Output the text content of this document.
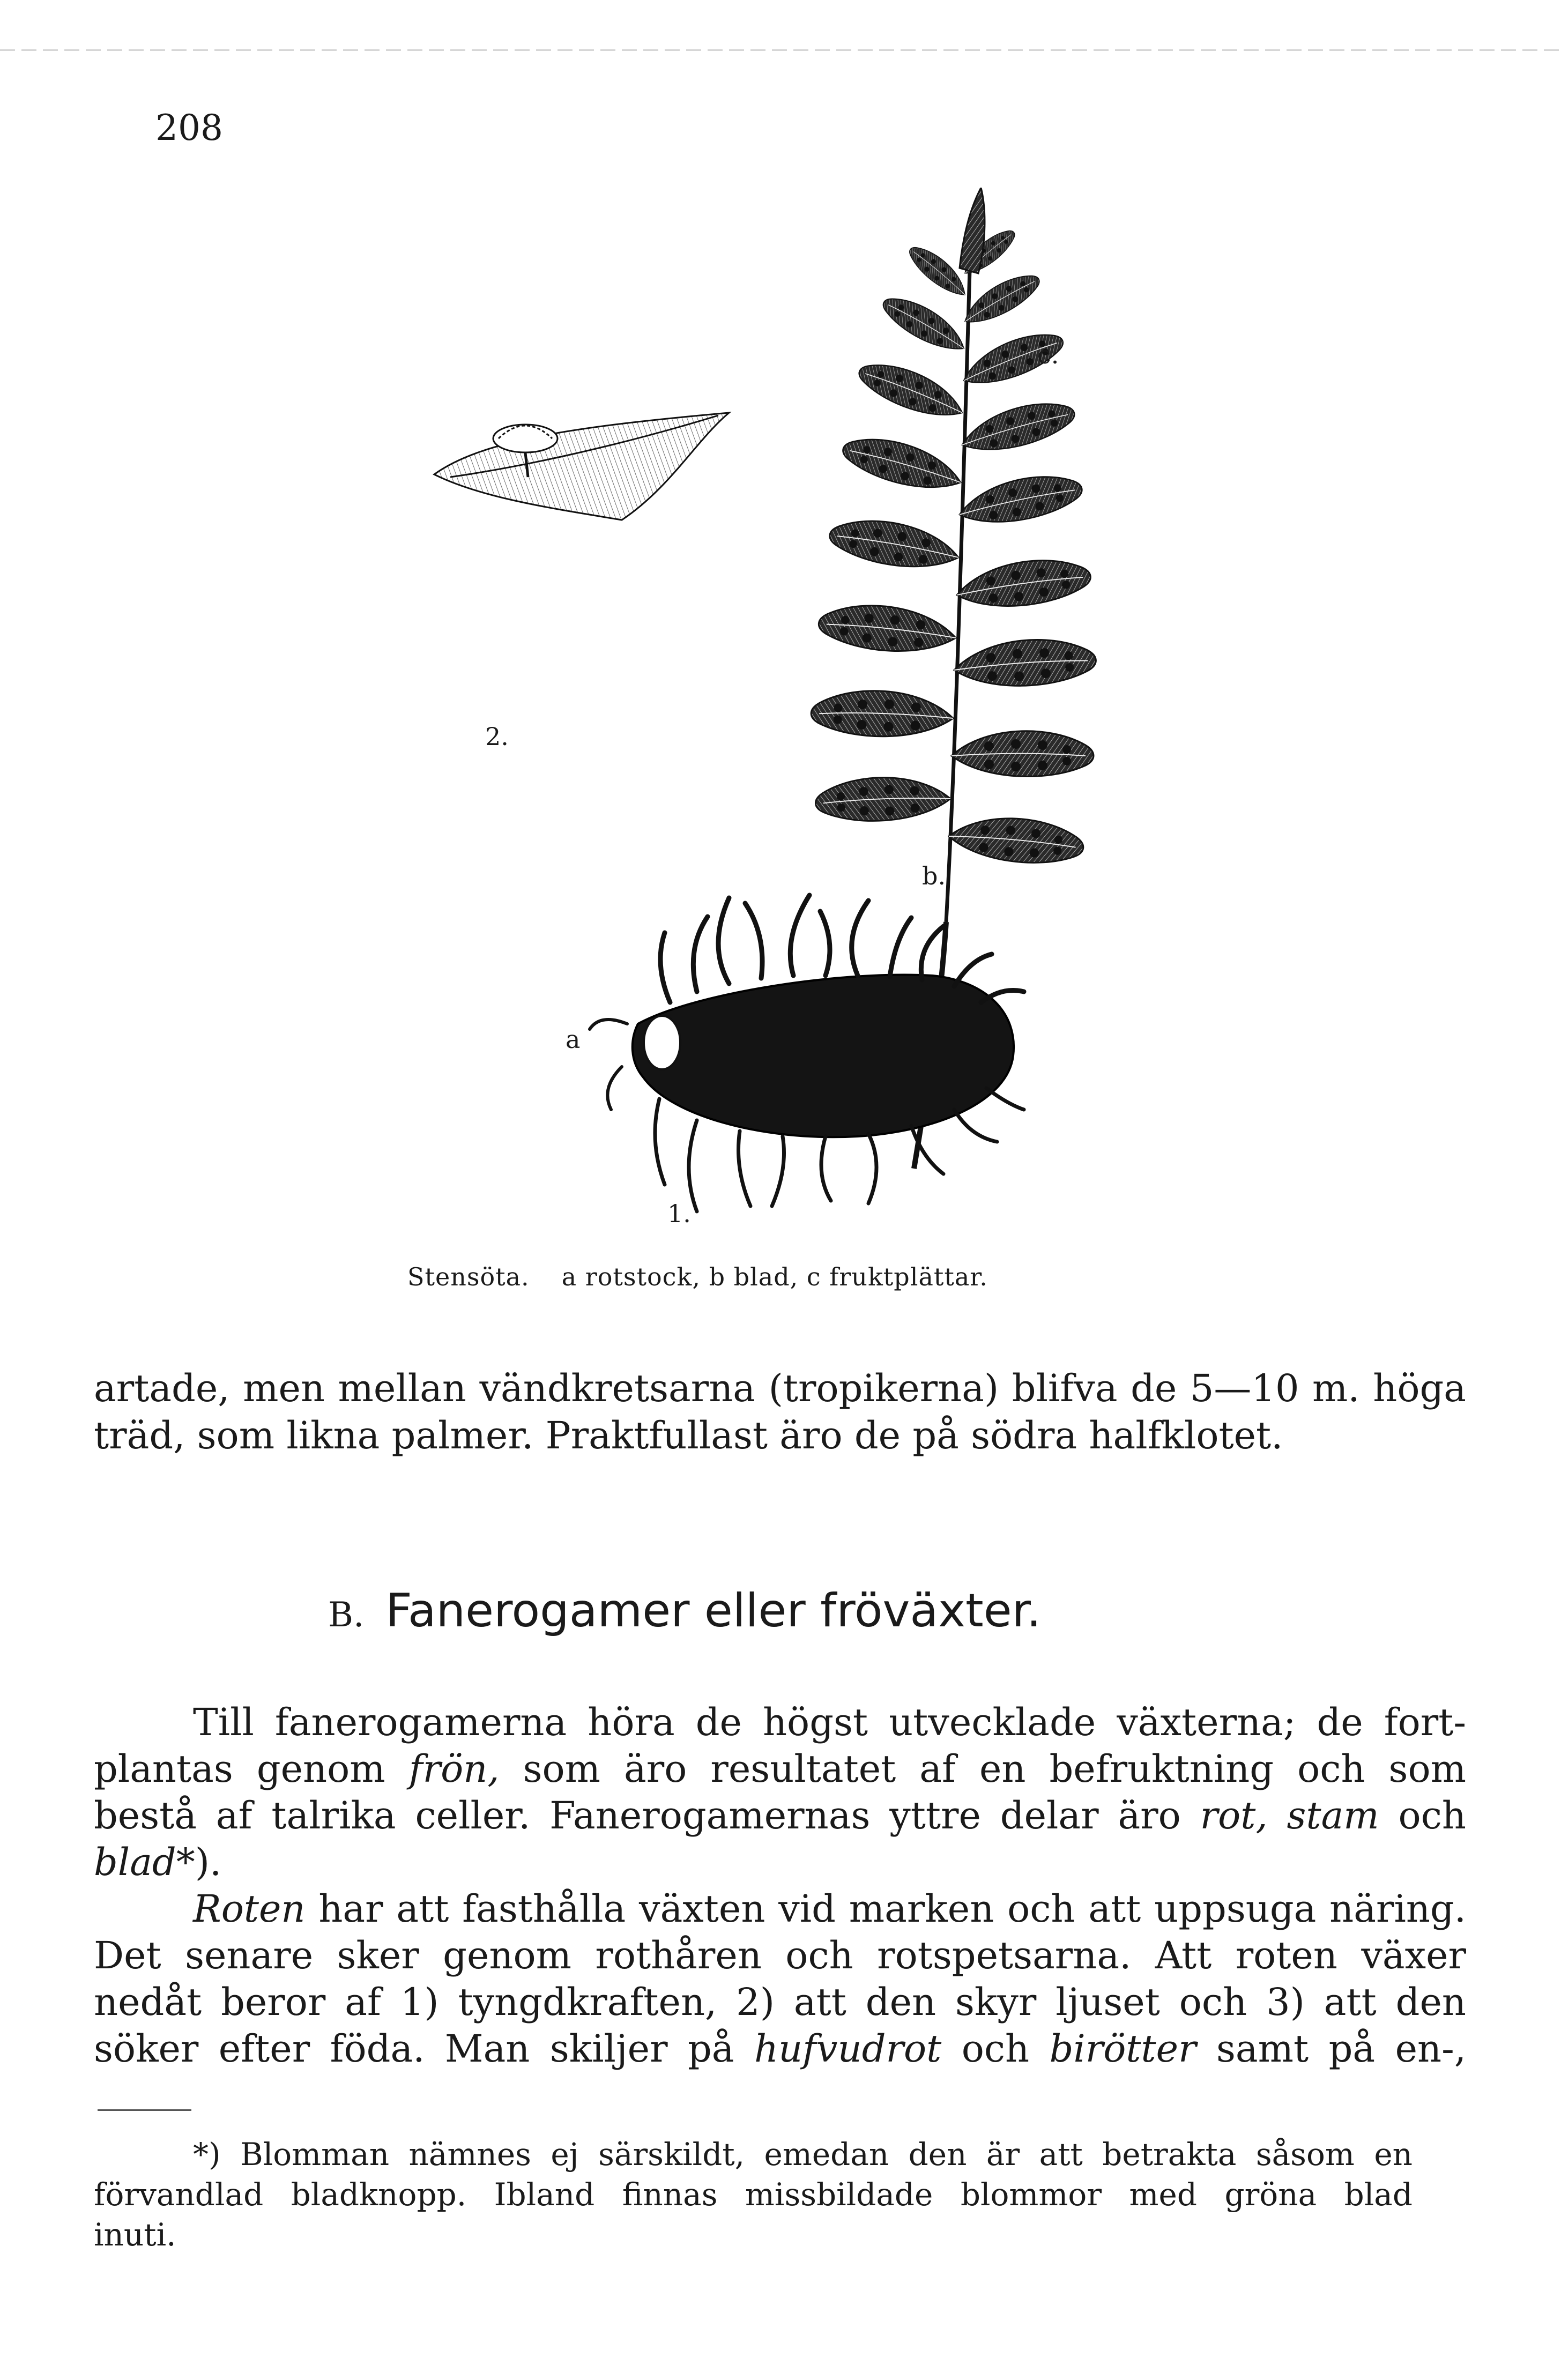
208
c.
2.
b.
a
1.
Stensöta. a rotstock, b blad, c fruktplättar.
artade, men mellan vändkretsarna (tropikerna) blifva de 5—10 m. höga
träd, som likna palmer. Praktfullast äro de på södra halfklotet.
B. Fanerogamer eller fröväxter.
Till fanerogamerna höra de högst utvecklade växterna; de fort-
plantas genom frön, som äro resultatet af en befruktning och som
bestå af talrika celler. Fanerogamernas yttre delar äro rot, stam och
blad*).
Roten har att fasthålla växten vid marken och att uppsuga näring.
Det senare sker genom rothåren och rotspetsarna. Att roten växer
nedåt beror af 1) tyngdkraften, 2) att den skyr ljuset och 3) att den
söker efter föda. Man skiljer på hufvudrot och birötter samt på en-,
*) Blomman nämnes ej särskildt, emedan den är att betrakta såsom en
förvandlad bladknopp. Ibland finnas missbildade blommor med gröna blad
inuti.
